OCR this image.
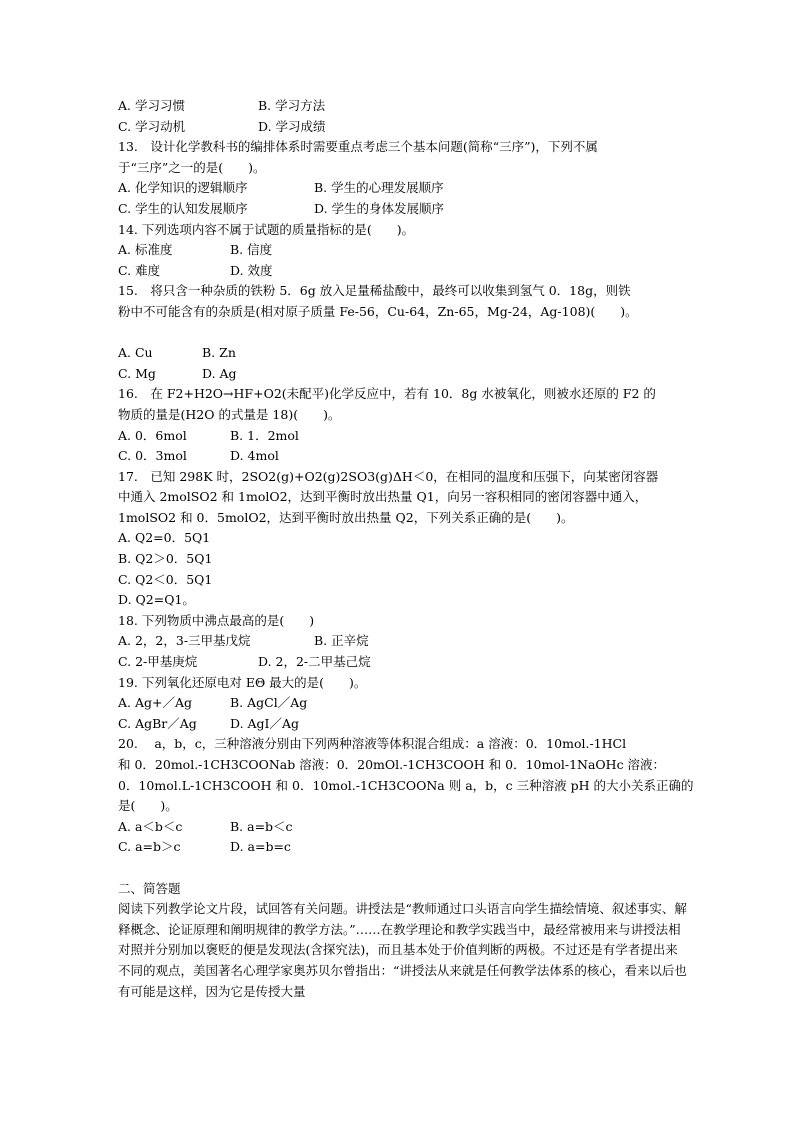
A. 学习习惯	B. 学习方法
C. 学习动机	D. 学习成绩
13.　设计化学教科书的编排体系时需要重点考虑三个基本问题(简称“三序”)，下列不属
于“三序”之一的是(　　)。
A. 化学知识的逻辑顺序	B. 学生的心理发展顺序
C. 学生的认知发展顺序	D. 学生的身体发展顺序
14. 下列选项内容不属于试题的质量指标的是(　　)。
A. 标准度	B. 信度
C. 难度	D. 效度
15.　将只含一种杂质的铁粉 5．6g 放入足量稀盐酸中，最终可以收集到氢气 0．18g，则铁
粉中不可能含有的杂质是(相对原子质量 Fe-56，Cu-64，Zn-65，Mg-24，Ag-108)(　　)。
A. Cu	B. Zn
C. Mg	D. Ag
16.　在 F2+H2O→HF+O2(未配平)化学反应中，若有 10．8g 水被氧化，则被水还原的 F2 的
物质的量是(H2O 的式量是 18)(　　)。
A. 0．6mol	B. 1．2mol
C. 0．3mol	D. 4mol
17.　已知 298K 时，2SO2(g)+O2(g)2SO3(g)ΔH＜0，在相同的温度和压强下，向某密闭容器
中通入 2molSO2 和 1molO2，达到平衡时放出热量 Q1，向另一容积相同的密闭容器中通入，
1molSO2 和 0．5molO2，达到平衡时放出热量 Q2，下列关系正确的是(　　)。
A. Q2=0．5Q1
B. Q2＞0．5Q1
C. Q2＜0．5Q1
D. Q2=Q1。
18. 下列物质中沸点最高的是(　　)
A. 2，2，3-三甲基戊烷	B. 正辛烷
C. 2-甲基庚烷	D. 2，2-二甲基己烷
19. 下列氧化还原电对 EΘ 最大的是(　　)。
A. Ag+／Ag	B. AgCl／Ag
C. AgBr／Ag	D. AgI／Ag
20.　 a，b，c，三种溶液分别由下列两种溶液等体积混合组成：a 溶液：0．10mol.-1HCl
和 0．20mol.-1CH3COONab 溶液：0．20mOl.-1CH3COOH 和 0．10mol-1NaOHc 溶液：
0．10mol.L-1CH3COOH 和 0．10mol.-1CH3COONa 则 a，b，c 三种溶液 pH 的大小关系正确的
是(　　)。
A. a＜b＜c	B. a=b＜c
C. a=b＞c	D. a=b=c
二、简答题
阅读下列教学论文片段，试回答有关问题。讲授法是“教师通过口头语言向学生描绘情境、叙述事实、解释概念、论证原理和阐明规律的教学方法。”……在教学理论和教学实践当中，最经常被用来与讲授法相对照并分别加以褒贬的便是发现法(含探究法)，而且基本处于价值判断的两极。不过还是有学者提出来不同的观点，美国著名心理学家奥苏贝尔曾指出：“讲授法从来就是任何教学法体系的核心，看来以后也有可能是这样，因为它是传授大量
